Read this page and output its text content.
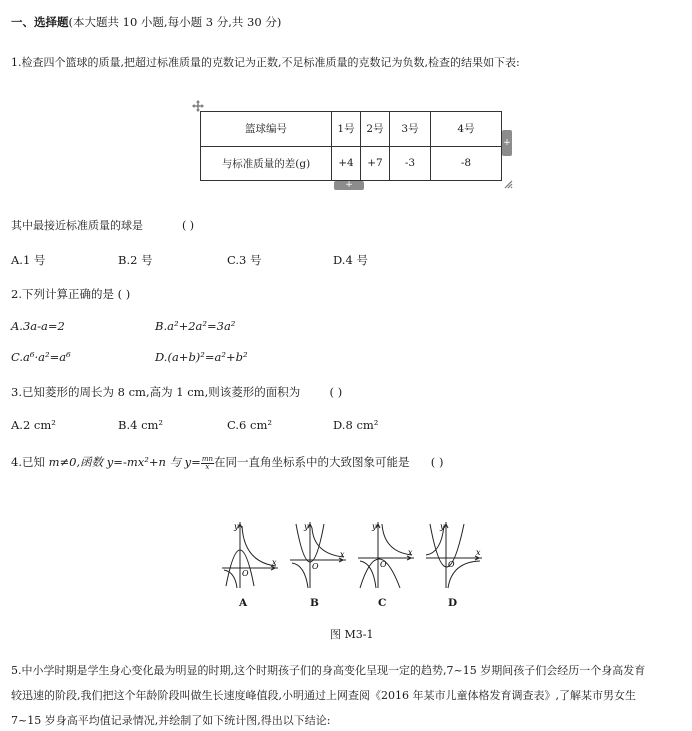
一、选择题(本大题共 10 小题,每小题 3 分,共 30 分)
1.检查四个篮球的质量,把超过标准质量的克数记为正数,不足标准质量的克数记为负数,检查的结果如下表:
篮球编号	1号	2号	3号	4号
与标准质量的差(g)	+4	+7	-3	-8
+
+
其中最接近标准质量的球是	( )
A.1 号	B.2 号	C.3 号	D.4 号
2.下列计算正确的是 ( )
A.3a-a=2	B.a²+2a²=3a²
C.a⁶·a²=a⁶	D.(a+b)²=a²+b²
3.已知菱形的周长为 8 cm,高为 1 cm,则该菱形的面积为	( )
A.2 cm²	B.4 cm²	C.6 cm²	D.8 cm²
4.已知 m≠0,函数 y=-mx²+n 与 $y= \frac{mn}{x}$ 在同一直角坐标系中的大致图象可能是 ( )
y
x
O
A
y
x
O
B
y
x
O
C
y
x
O
D
图 M3-1
5.中小学时期是学生身心变化最为明显的时期,这个时期孩子们的身高变化呈现一定的趋势,7~15 岁期间孩子们会经历一个身高发育
较迅速的阶段,我们把这个年龄阶段叫做生长速度峰值段,小明通过上网查阅《2016 年某市儿童体格发育调查表》,了解某市男女生
7~15 岁身高平均值记录情况,并绘制了如下统计图,得出以下结论:
